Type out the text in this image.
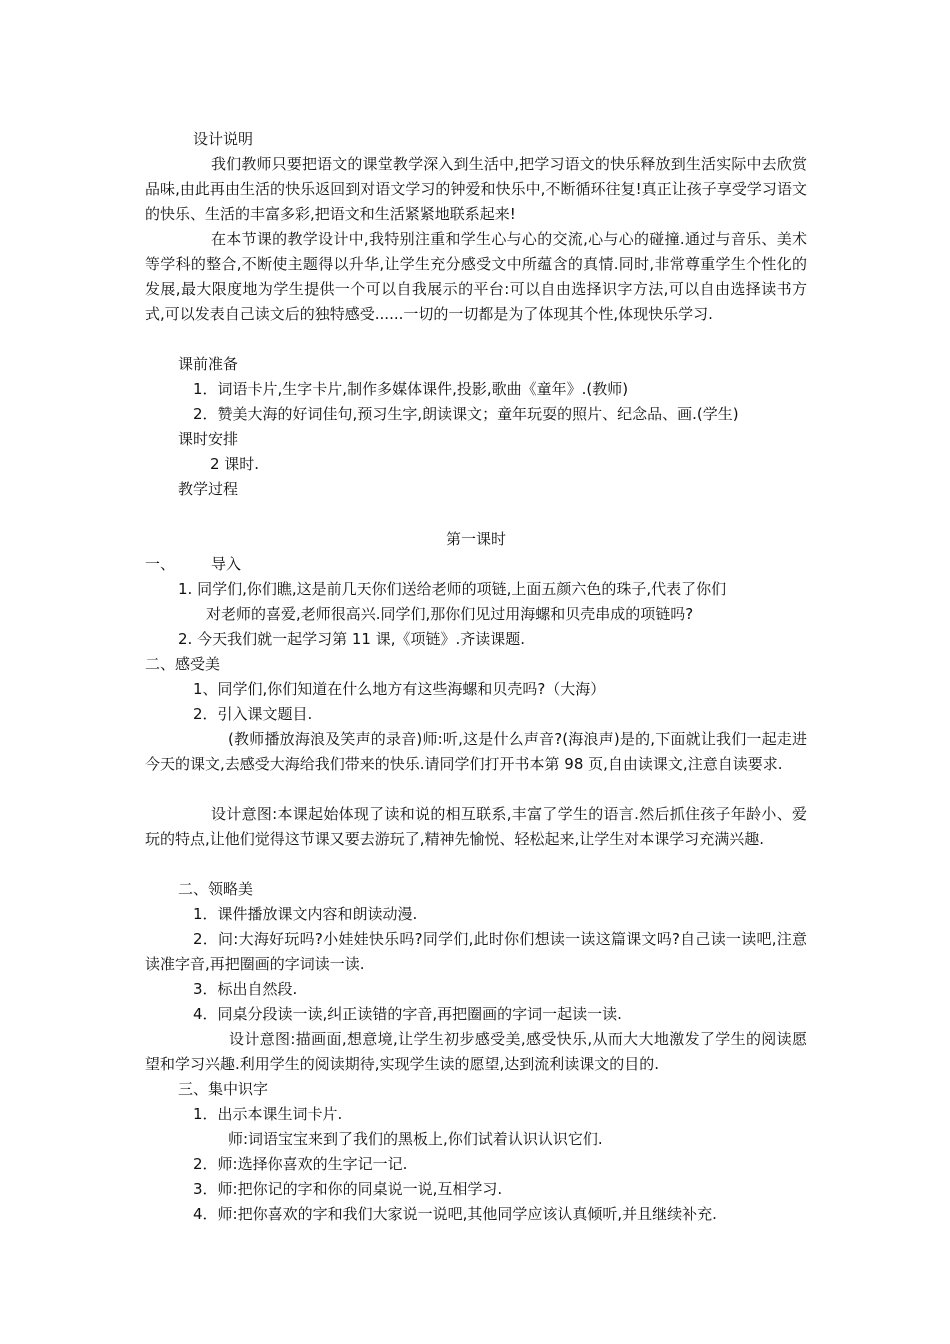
设计说明
我们教师只要把语文的课堂教学深入到生活中,把学习语文的快乐释放到生活实际中去欣赏品味,由此再由生活的快乐返回到对语文学习的钟爱和快乐中,不断循环往复!真正让孩子享受学习语文的快乐、生活的丰富多彩,把语文和生活紧紧地联系起来!
在本节课的教学设计中,我特别注重和学生心与心的交流,心与心的碰撞.通过与音乐、美术等学科的整合,不断使主题得以升华,让学生充分感受文中所蕴含的真情.同时,非常尊重学生个性化的发展,最大限度地为学生提供一个可以自我展示的平台:可以自由选择识字方法,可以自由选择读书方式,可以发表自己读文后的独特感受......一切的一切都是为了体现其个性,体现快乐学习.
课前准备
1．词语卡片,生字卡片,制作多媒体课件,投影,歌曲《童年》.(教师)
2．赞美大海的好词佳句,预习生字,朗读课文；童年玩耍的照片、纪念品、画.(学生)
课时安排
2 课时.
教学过程
第一课时
一、 导入
1. 同学们,你们瞧,这是前几天你们送给老师的项链,上面五颜六色的珠子,代表了你们
对老师的喜爱,老师很高兴.同学们,那你们见过用海螺和贝壳串成的项链吗?
2. 今天我们就一起学习第 11 课,《项链》.齐读课题.
二、感受美
1、同学们,你们知道在什么地方有这些海螺和贝壳吗?（大海）
2．引入课文题目.
(教师播放海浪及笑声的录音)师:听,这是什么声音?(海浪声)是的,下面就让我们一起走进今天的课文,去感受大海给我们带来的快乐.请同学们打开书本第 98 页,自由读课文,注意自读要求.
设计意图:本课起始体现了读和说的相互联系,丰富了学生的语言.然后抓住孩子年龄小、爱玩的特点,让他们觉得这节课又要去游玩了,精神先愉悦、轻松起来,让学生对本课学习充满兴趣.
二、领略美
1．课件播放课文内容和朗读动漫.
2．问:大海好玩吗?小娃娃快乐吗?同学们,此时你们想读一读这篇课文吗?自己读一读吧,注意读准字音,再把圈画的字词读一读.
3．标出自然段.
4．同桌分段读一读,纠正读错的字音,再把圈画的字词一起读一读.
设计意图:描画面,想意境,让学生初步感受美,感受快乐,从而大大地激发了学生的阅读愿望和学习兴趣.利用学生的阅读期待,实现学生读的愿望,达到流利读课文的目的.
三、集中识字
1．出示本课生词卡片.
师:词语宝宝来到了我们的黑板上,你们试着认识认识它们.
2．师:选择你喜欢的生字记一记.
3．师:把你记的字和你的同桌说一说,互相学习.
4．师:把你喜欢的字和我们大家说一说吧,其他同学应该认真倾听,并且继续补充.
